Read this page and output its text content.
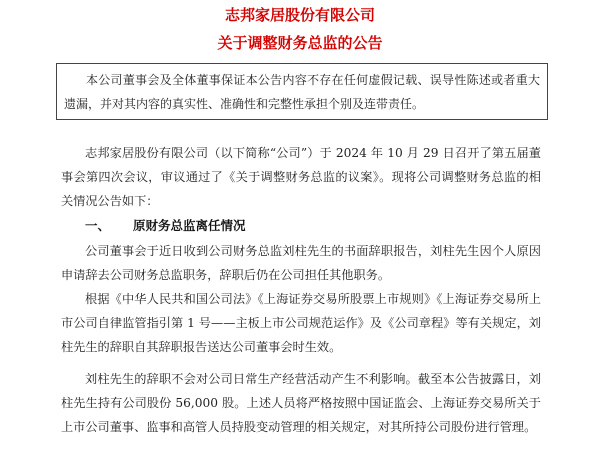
志邦家居股份有限公司
关于调整财务总监的公告
本公司董事会及全体董事保证本公告内容不存在任何虚假记载、误导性陈述或者重大遗漏，并对其内容的真实性、准确性和完整性承担个别及连带责任。

志邦家居股份有限公司（以下简称“公司”）于 2024 年 10 月 29 日召开了第五届董事会第四次会议，审议通过了《关于调整财务总监的议案》。现将公司调整财务总监的相关情况公告如下：

一、 原财务总监离任情况

公司董事会于近日收到公司财务总监刘柱先生的书面辞职报告，刘柱先生因个人原因申请辞去公司财务总监职务，辞职后仍在公司担任其他职务。

根据《中华人民共和国公司法》《上海证券交易所股票上市规则》《上海证券交易所上市公司自律监管指引第 1 号——主板上市公司规范运作》及《公司章程》等有关规定，刘柱先生的辞职自其辞职报告送达公司董事会时生效。

刘柱先生的辞职不会对公司日常生产经营活动产生不利影响。截至本公告披露日，刘柱先生持有公司股份 56,000 股。上述人员将严格按照中国证监会、上海证券交易所关于上市公司董事、监事和高管人员持股变动管理的相关规定，对其所持公司股份进行管理。
